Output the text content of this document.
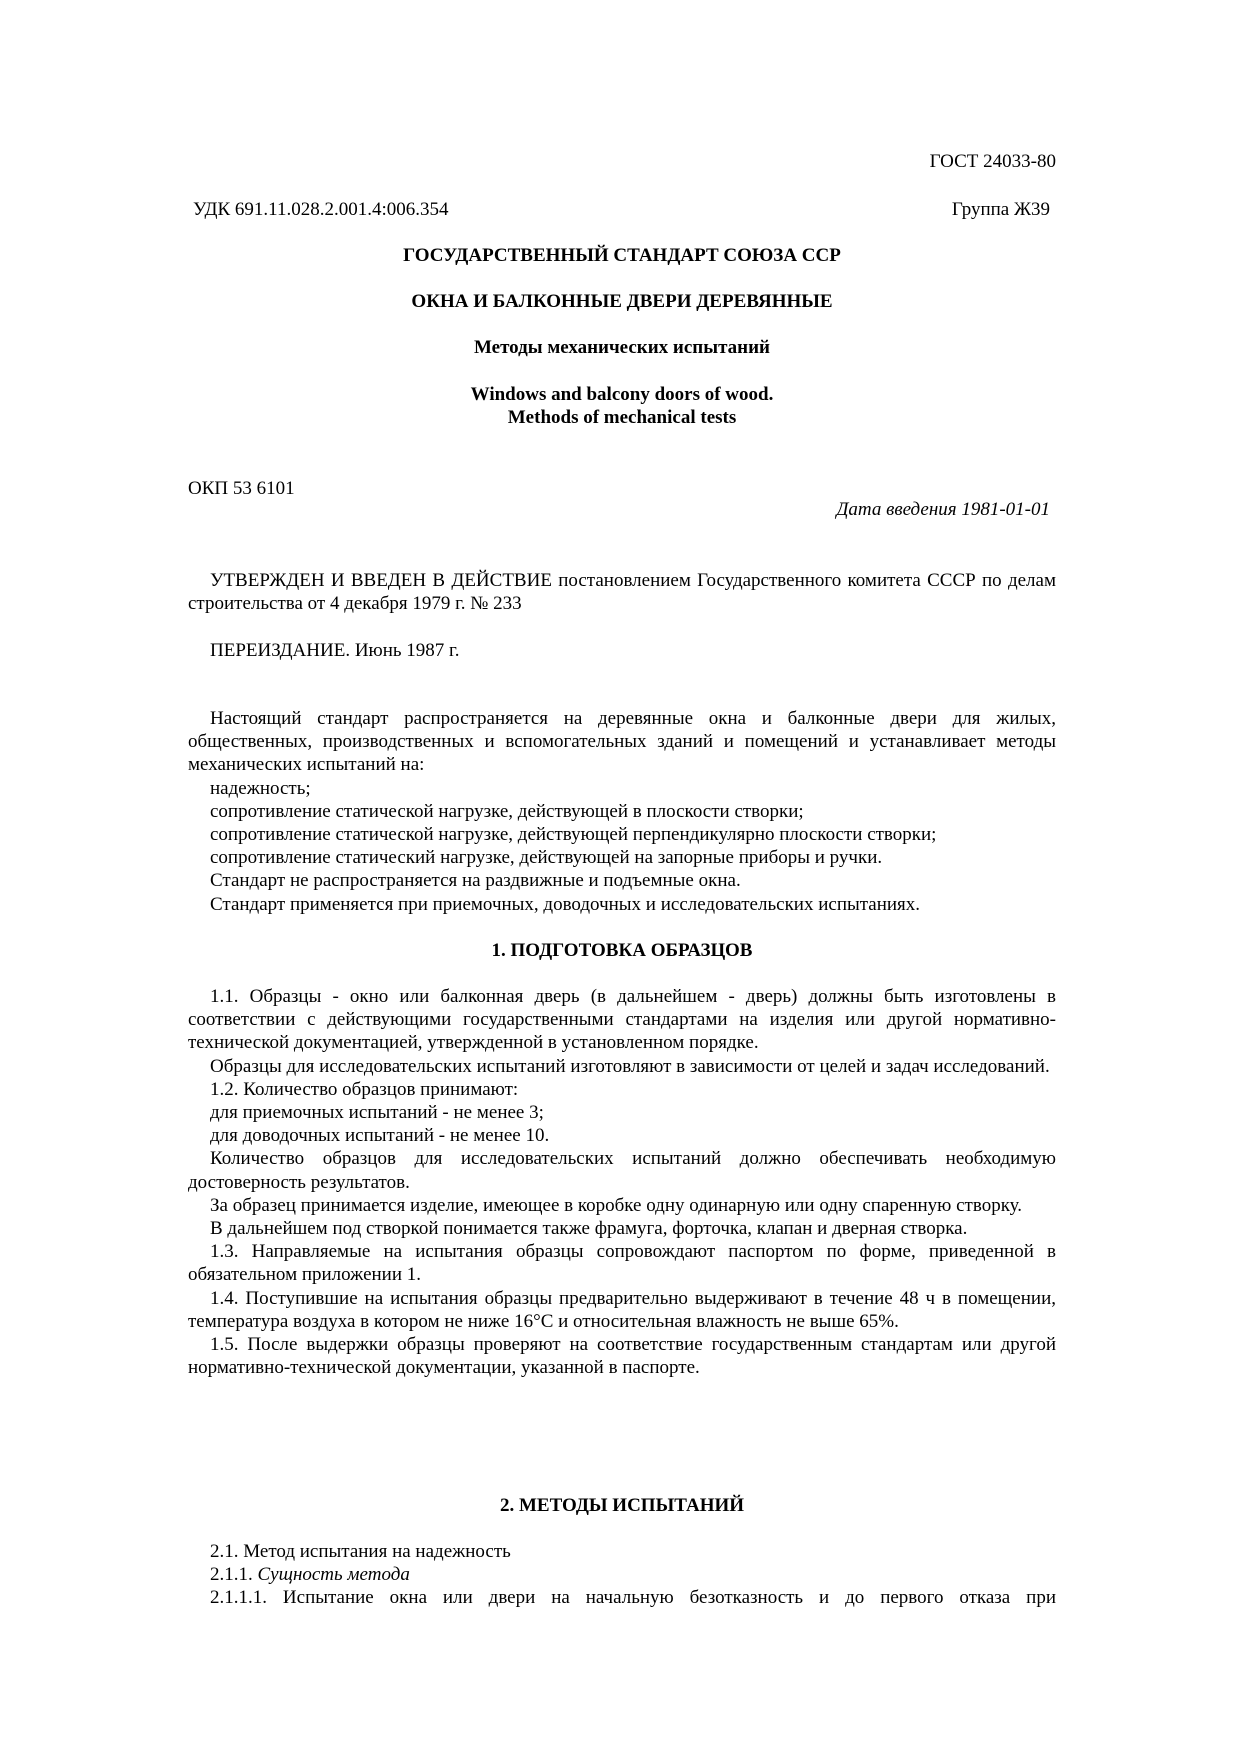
ГОСТ 24033-80
УДК 691.11.028.2.001.4:006.354	Группа Ж39
ГОСУДАРСТВЕННЫЙ СТАНДАРТ СОЮЗА ССР
ОКНА И БАЛКОННЫЕ ДВЕРИ ДЕРЕВЯННЫЕ
Методы механических испытаний
Windows and balcony doors of wood.
Methods of mechanical tests
ОКП 53 6101
Дата введения 1981-01-01

УТВЕРЖДЕН И ВВЕДЕН В ДЕЙСТВИЕ постановлением Государственного комитета СССР по делам строительства от 4 декабря 1979 г. № 233

ПЕРЕИЗДАНИЕ. Июнь 1987 г.

Настоящий стандарт распространяется на деревянные окна и балконные двери для жилых, общественных, производственных и вспомогательных зданий и помещений и устанавливает методы механических испытаний на:

надежность;

сопротивление статической нагрузке, действующей в плоскости створки;

сопротивление статической нагрузке, действующей перпендикулярно плоскости створки;

сопротивление статический нагрузке, действующей на запорные приборы и ручки.

Стандарт не распространяется на раздвижные и подъемные окна.

Стандарт применяется при приемочных, доводочных и исследовательских испытаниях.

1. ПОДГОТОВКА ОБРАЗЦОВ

1.1. Образцы - окно или балконная дверь (в дальнейшем - дверь) должны быть изготовлены в соответствии с действующими государственными стандартами на изделия или другой нормативно-технической документацией, утвержденной в установленном порядке.

Образцы для исследовательских испытаний изготовляют в зависимости от целей и задач исследований.

1.2. Количество образцов принимают:

для приемочных испытаний - не менее 3;

для доводочных испытаний - не менее 10.

Количество образцов для исследовательских испытаний должно обеспечивать необходимую достоверность результатов.

За образец принимается изделие, имеющее в коробке одну одинарную или одну спаренную створку.

В дальнейшем под створкой понимается также фрамуга, форточка, клапан и дверная створка.

1.3. Направляемые на испытания образцы сопровождают паспортом по форме, приведенной в обязательном приложении 1.

1.4. Поступившие на испытания образцы предварительно выдерживают в течение 48 ч в помещении, температура воздуха в котором не ниже 16°С и относительная влажность не выше 65%.

1.5. После выдержки образцы проверяют на соответствие государственным стандартам или другой нормативно-технической документации, указанной в паспорте.

2. МЕТОДЫ ИСПЫТАНИЙ

2.1. Метод испытания на надежность

2.1.1. Сущность метода

2.1.1.1. Испытание окна или двери на начальную безотказность и до первого отказа при
